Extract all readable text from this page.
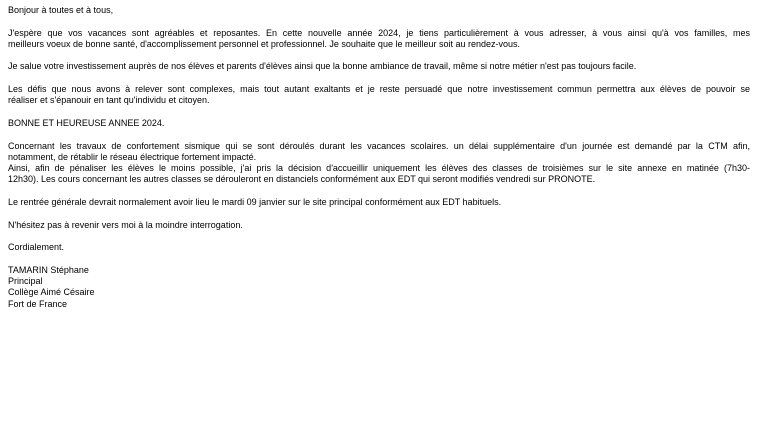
Bonjour à toutes et à tous,
J'espère que vos vacances sont agréables et reposantes. En cette nouvelle année 2024, je tiens particulièrement à vous adresser, à vous ainsi qu'à vos familles, mes
meilleurs voeux de bonne santé, d'accomplissement personnel et professionnel. Je souhaite que le meilleur soit au rendez-vous.
Je salue votre investissement auprès de nos élèves et parents d'élèves ainsi que la bonne ambiance de travail, même si notre métier n'est pas toujours facile.
Les défis que nous avons à relever sont complexes, mais tout autant exaltants et je reste persuadé que notre investissement commun permettra aux élèves de pouvoir se
réaliser et s'épanouir en tant qu'individu et citoyen.
BONNE ET HEUREUSE ANNEE 2024.
Concernant les travaux de confortement sismique qui se sont déroulés durant les vacances scolaires. un délai supplémentaire d'un journée est demandé par la CTM afin,
notamment, de rétablir le réseau électrique fortement impacté.
Ainsi, afin de pénaliser les élèves le moins possible, j'ai pris la décision d'accueillir uniquement les élèves des classes de troisièmes sur le site annexe en matinée (7h30-
12h30). Les cours concernant les autres classes se dérouleront en distanciels conformément aux EDT qui seront modifiés vendredi sur PRONOTE.
Le rentrée générale devrait normalement avoir lieu le mardi 09 janvier sur le site principal conformément aux EDT habituels.
N'hésitez pas à revenir vers moi à la moindre interrogation.
Cordialement.
TAMARIN Stéphane
Principal
Collège Aimé Césaire
Fort de France
